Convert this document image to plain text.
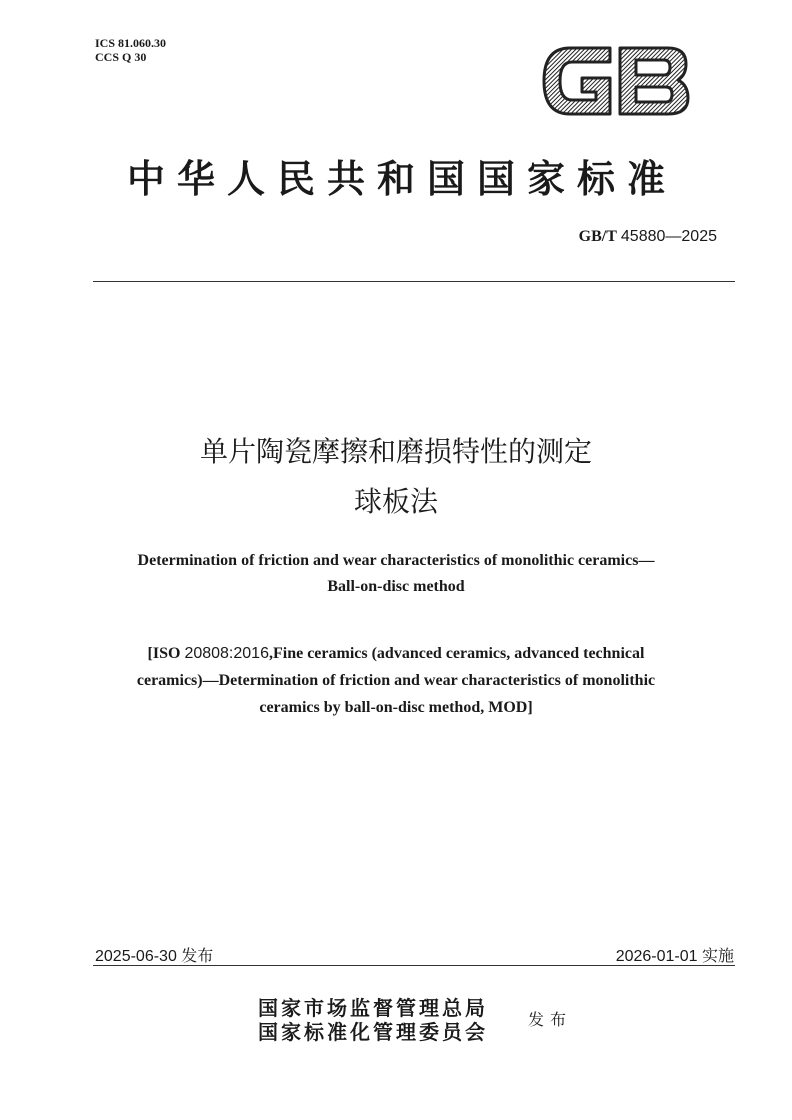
ICS 81.060.30
CCS Q 30
中华人民共和国国家标准
GB/T 45880—2025
单片陶瓷摩擦和磨损特性的测定
球板法
Determination of friction and wear characteristics of monolithic ceramics—
Ball-on-disc method
[ISO 20808:2016,Fine ceramics (advanced ceramics, advanced technical
ceramics)—Determination of friction and wear characteristics of monolithic
ceramics by ball-on-disc method, MOD]
2025-06-30 发布	2026-01-01 实施
国家市场监督管理总局
国家标准化管理委员会
发布
